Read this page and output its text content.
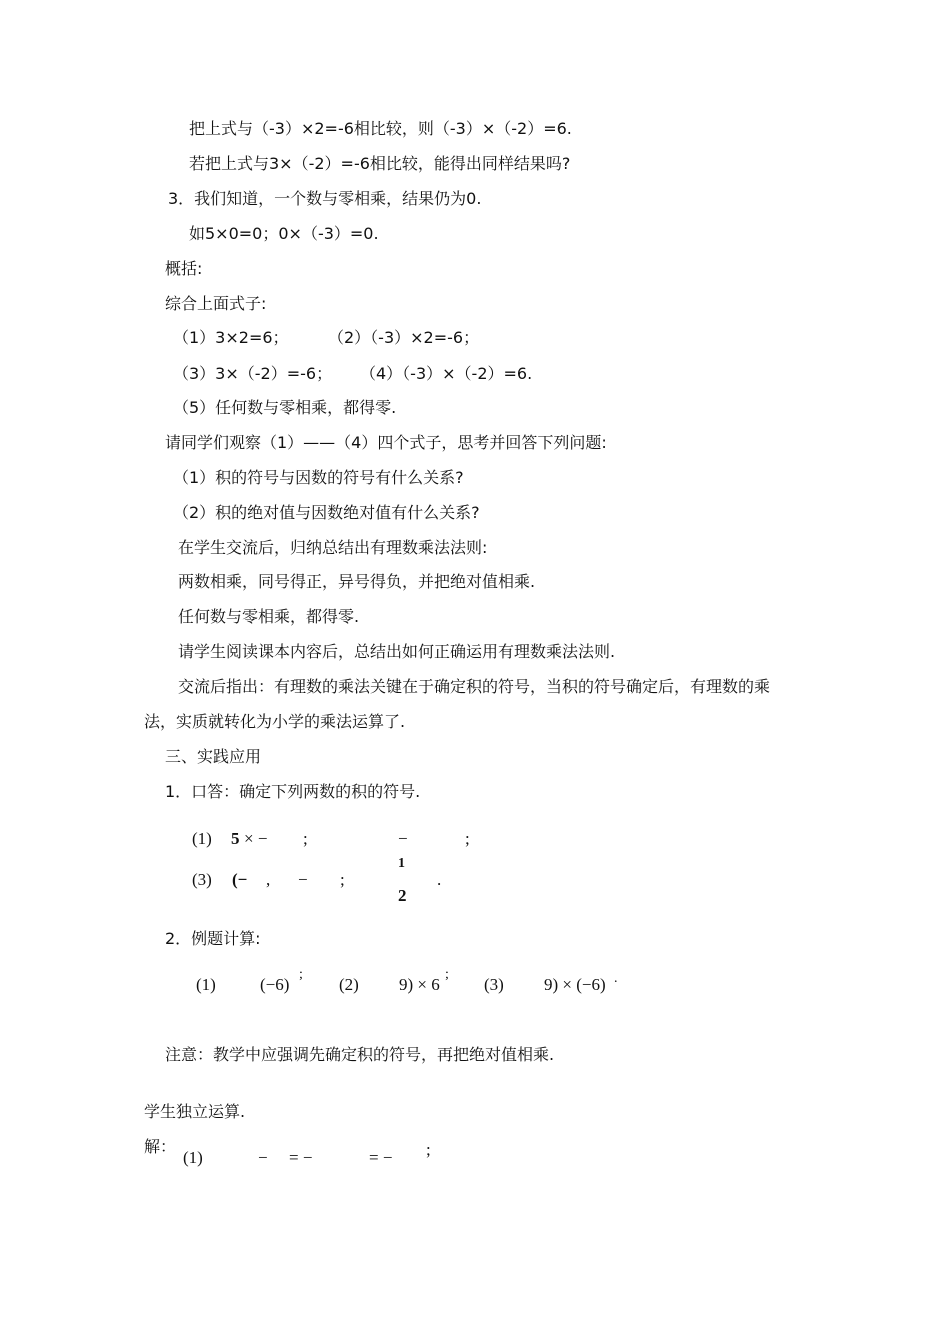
把上式与（-3）×2=-6相比较，则（-3）×（-2）=6.
若把上式与3×（-2）=-6相比较，能得出同样结果吗?
3．我们知道，一个数与零相乘，结果仍为0.
如5×0=0；0×（-3）=0.
概括:
综合上面式子:
（1）3×2=6； （2）（-3）×2=-6；
（3）3×（-2）=-6； （4）（-3）×（-2）=6.
（5）任何数与零相乘，都得零.
请同学们观察（1）——（4）四个式子，思考并回答下列问题:
（1）积的符号与因数的符号有什么关系?
（2）积的绝对值与因数绝对值有什么关系?
在学生交流后，归纳总结出有理数乘法法则:
两数相乘，同号得正，异号得负，并把绝对值相乘.
任何数与零相乘，都得零.
请学生阅读课本内容后，总结出如何正确运用有理数乘法法则.
交流后指出：有理数的乘法关键在于确定积的符号，当积的符号确定后，有理数的乘
法，实质就转化为小学的乘法运算了.
三、实践应用
1．口答：确定下列两数的积的符号.
(1) 5 × − ;	−	;
(3) (− , − ;
1
2
.
2．例题计算:
(1)	(−6)
;
(2) 9) × 6
;
(3) 9) × (−6) .
注意：教学中应强调先确定积的符号，再把绝对值相乘.
学生独立运算.
解：
(1)	− = −	= − ;
